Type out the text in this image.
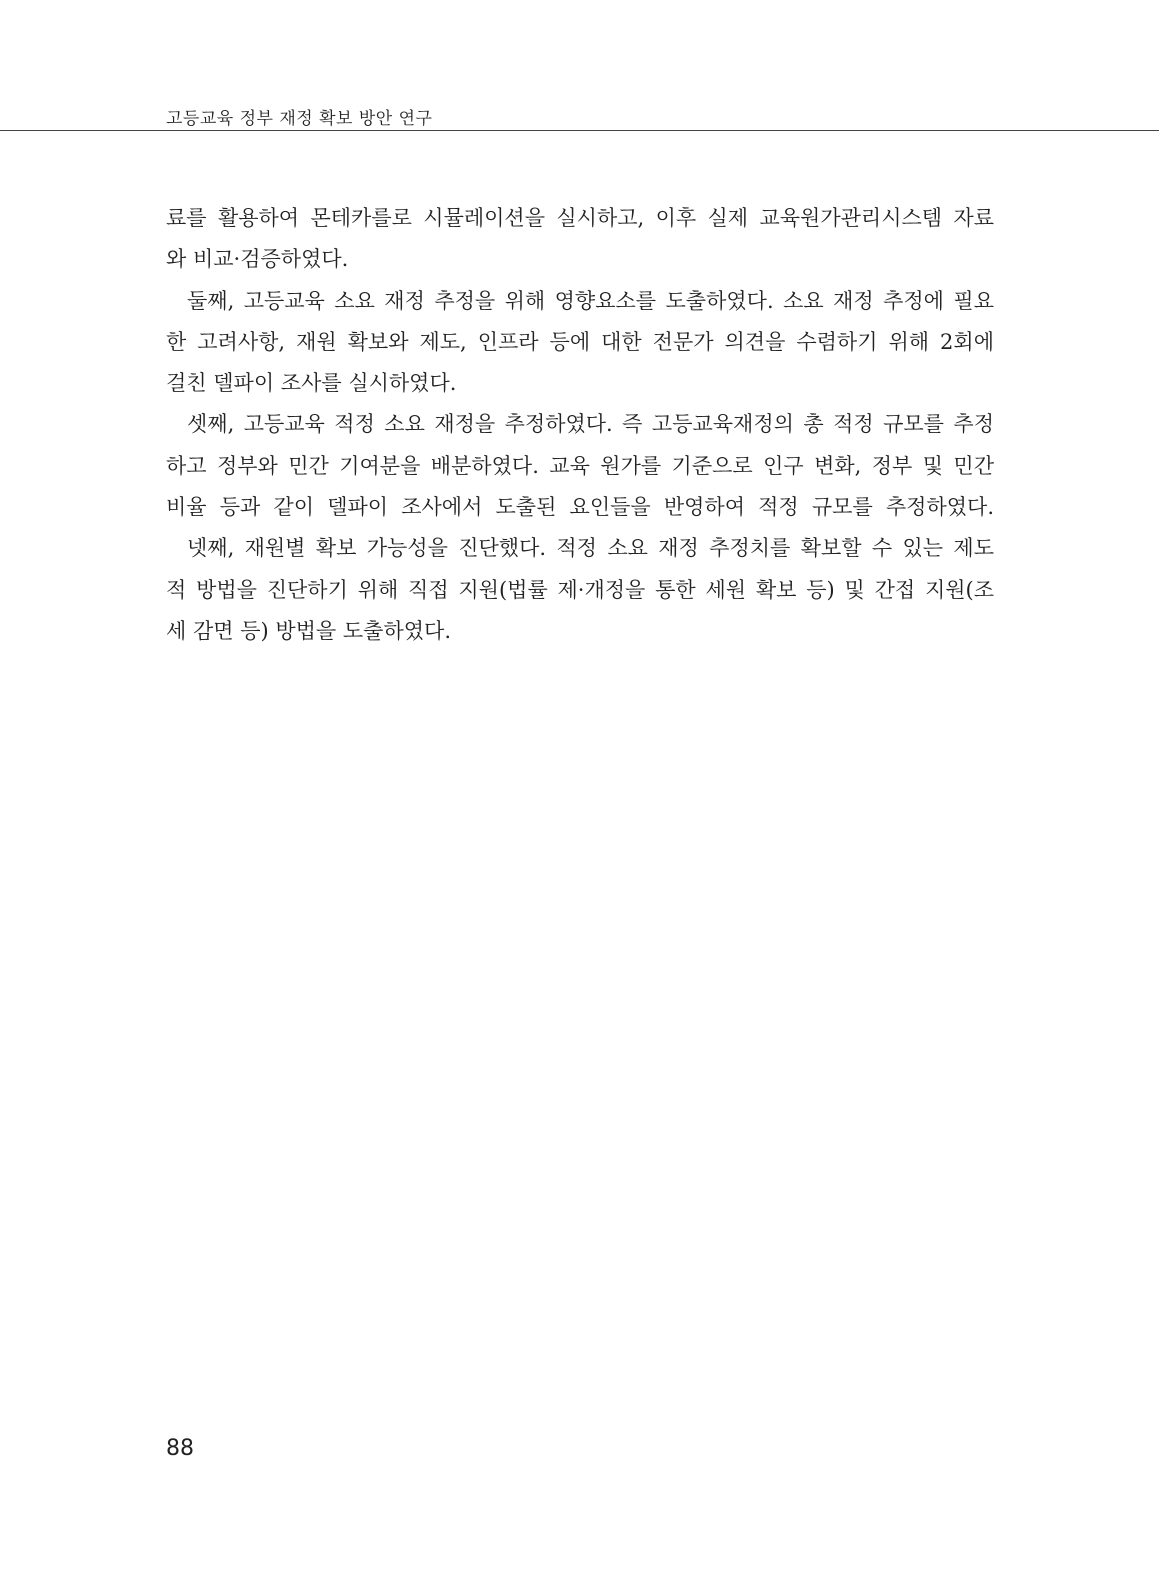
고등교육 정부 재정 확보 방안 연구
료를 활용하여 몬테카를로 시뮬레이션을 실시하고, 이후 실제 교육원가관리시스템 자료
와 비교·검증하였다.
둘째, 고등교육 소요 재정 추정을 위해 영향요소를 도출하였다. 소요 재정 추정에 필요
한 고려사항, 재원 확보와 제도, 인프라 등에 대한 전문가 의견을 수렴하기 위해 2회에
걸친 델파이 조사를 실시하였다.
셋째, 고등교육 적정 소요 재정을 추정하였다. 즉 고등교육재정의 총 적정 규모를 추정
하고 정부와 민간 기여분을 배분하였다. 교육 원가를 기준으로 인구 변화, 정부 및 민간
비율 등과 같이 델파이 조사에서 도출된 요인들을 반영하여 적정 규모를 추정하였다.
넷째, 재원별 확보 가능성을 진단했다. 적정 소요 재정 추정치를 확보할 수 있는 제도
적 방법을 진단하기 위해 직접 지원(법률 제·개정을 통한 세원 확보 등) 및 간접 지원(조
세 감면 등) 방법을 도출하였다.
88
